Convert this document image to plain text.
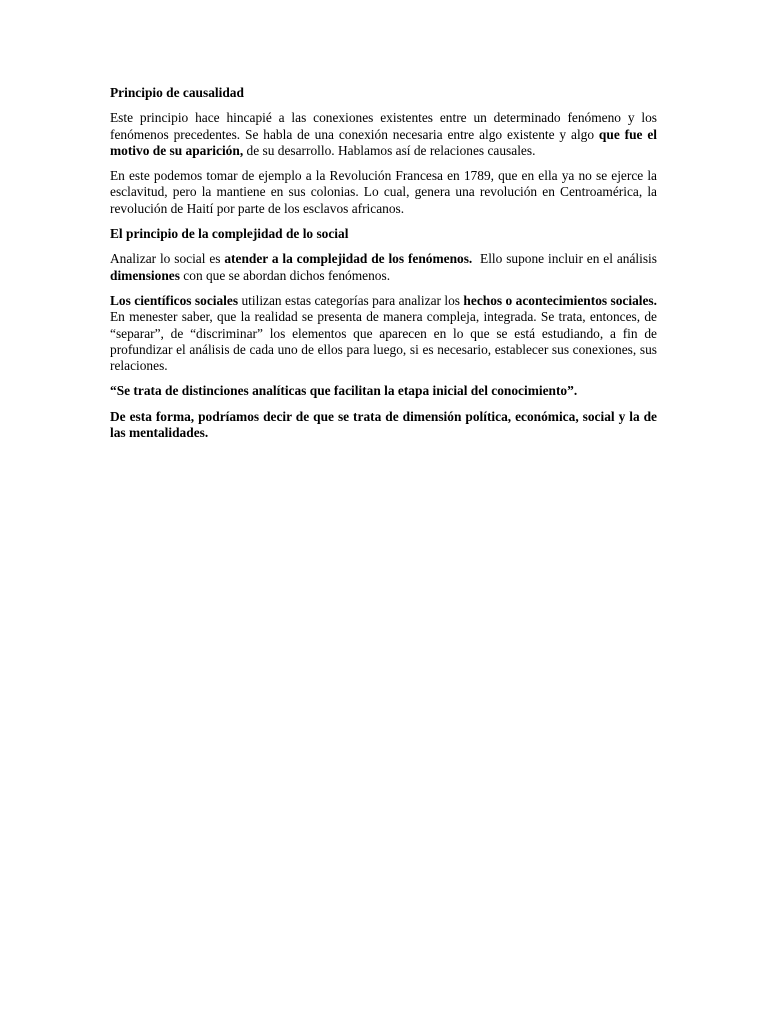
Principio de causalidad

Este principio hace hincapié a las conexiones existentes entre un determinado fenómeno y los fenómenos precedentes. Se habla de una conexión necesaria entre algo existente y algo que fue el motivo de su aparición, de su desarrollo. Hablamos así de relaciones causales.

En este podemos tomar de ejemplo a la Revolución Francesa en 1789, que en ella ya no se ejerce la esclavitud, pero la mantiene en sus colonias. Lo cual, genera una revolución en Centroamérica, la revolución de Haití por parte de los esclavos africanos.

El principio de la complejidad de lo social

Analizar lo social es atender a la complejidad de los fenómenos.  Ello supone incluir en el análisis dimensiones con que se abordan dichos fenómenos.

Los científicos sociales utilizan estas categorías para analizar los hechos o acontecimientos sociales. En menester saber, que la realidad se presenta de manera compleja, integrada. Se trata, entonces, de “separar”, de “discriminar” los elementos que aparecen en lo que se está estudiando, a fin de profundizar el análisis de cada uno de ellos para luego, si es necesario, establecer sus conexiones, sus relaciones.

“Se trata de distinciones analíticas que facilitan la etapa inicial del conocimiento”.

De esta forma, podríamos decir de que se trata de dimensión política, económica, social y la de las mentalidades.
